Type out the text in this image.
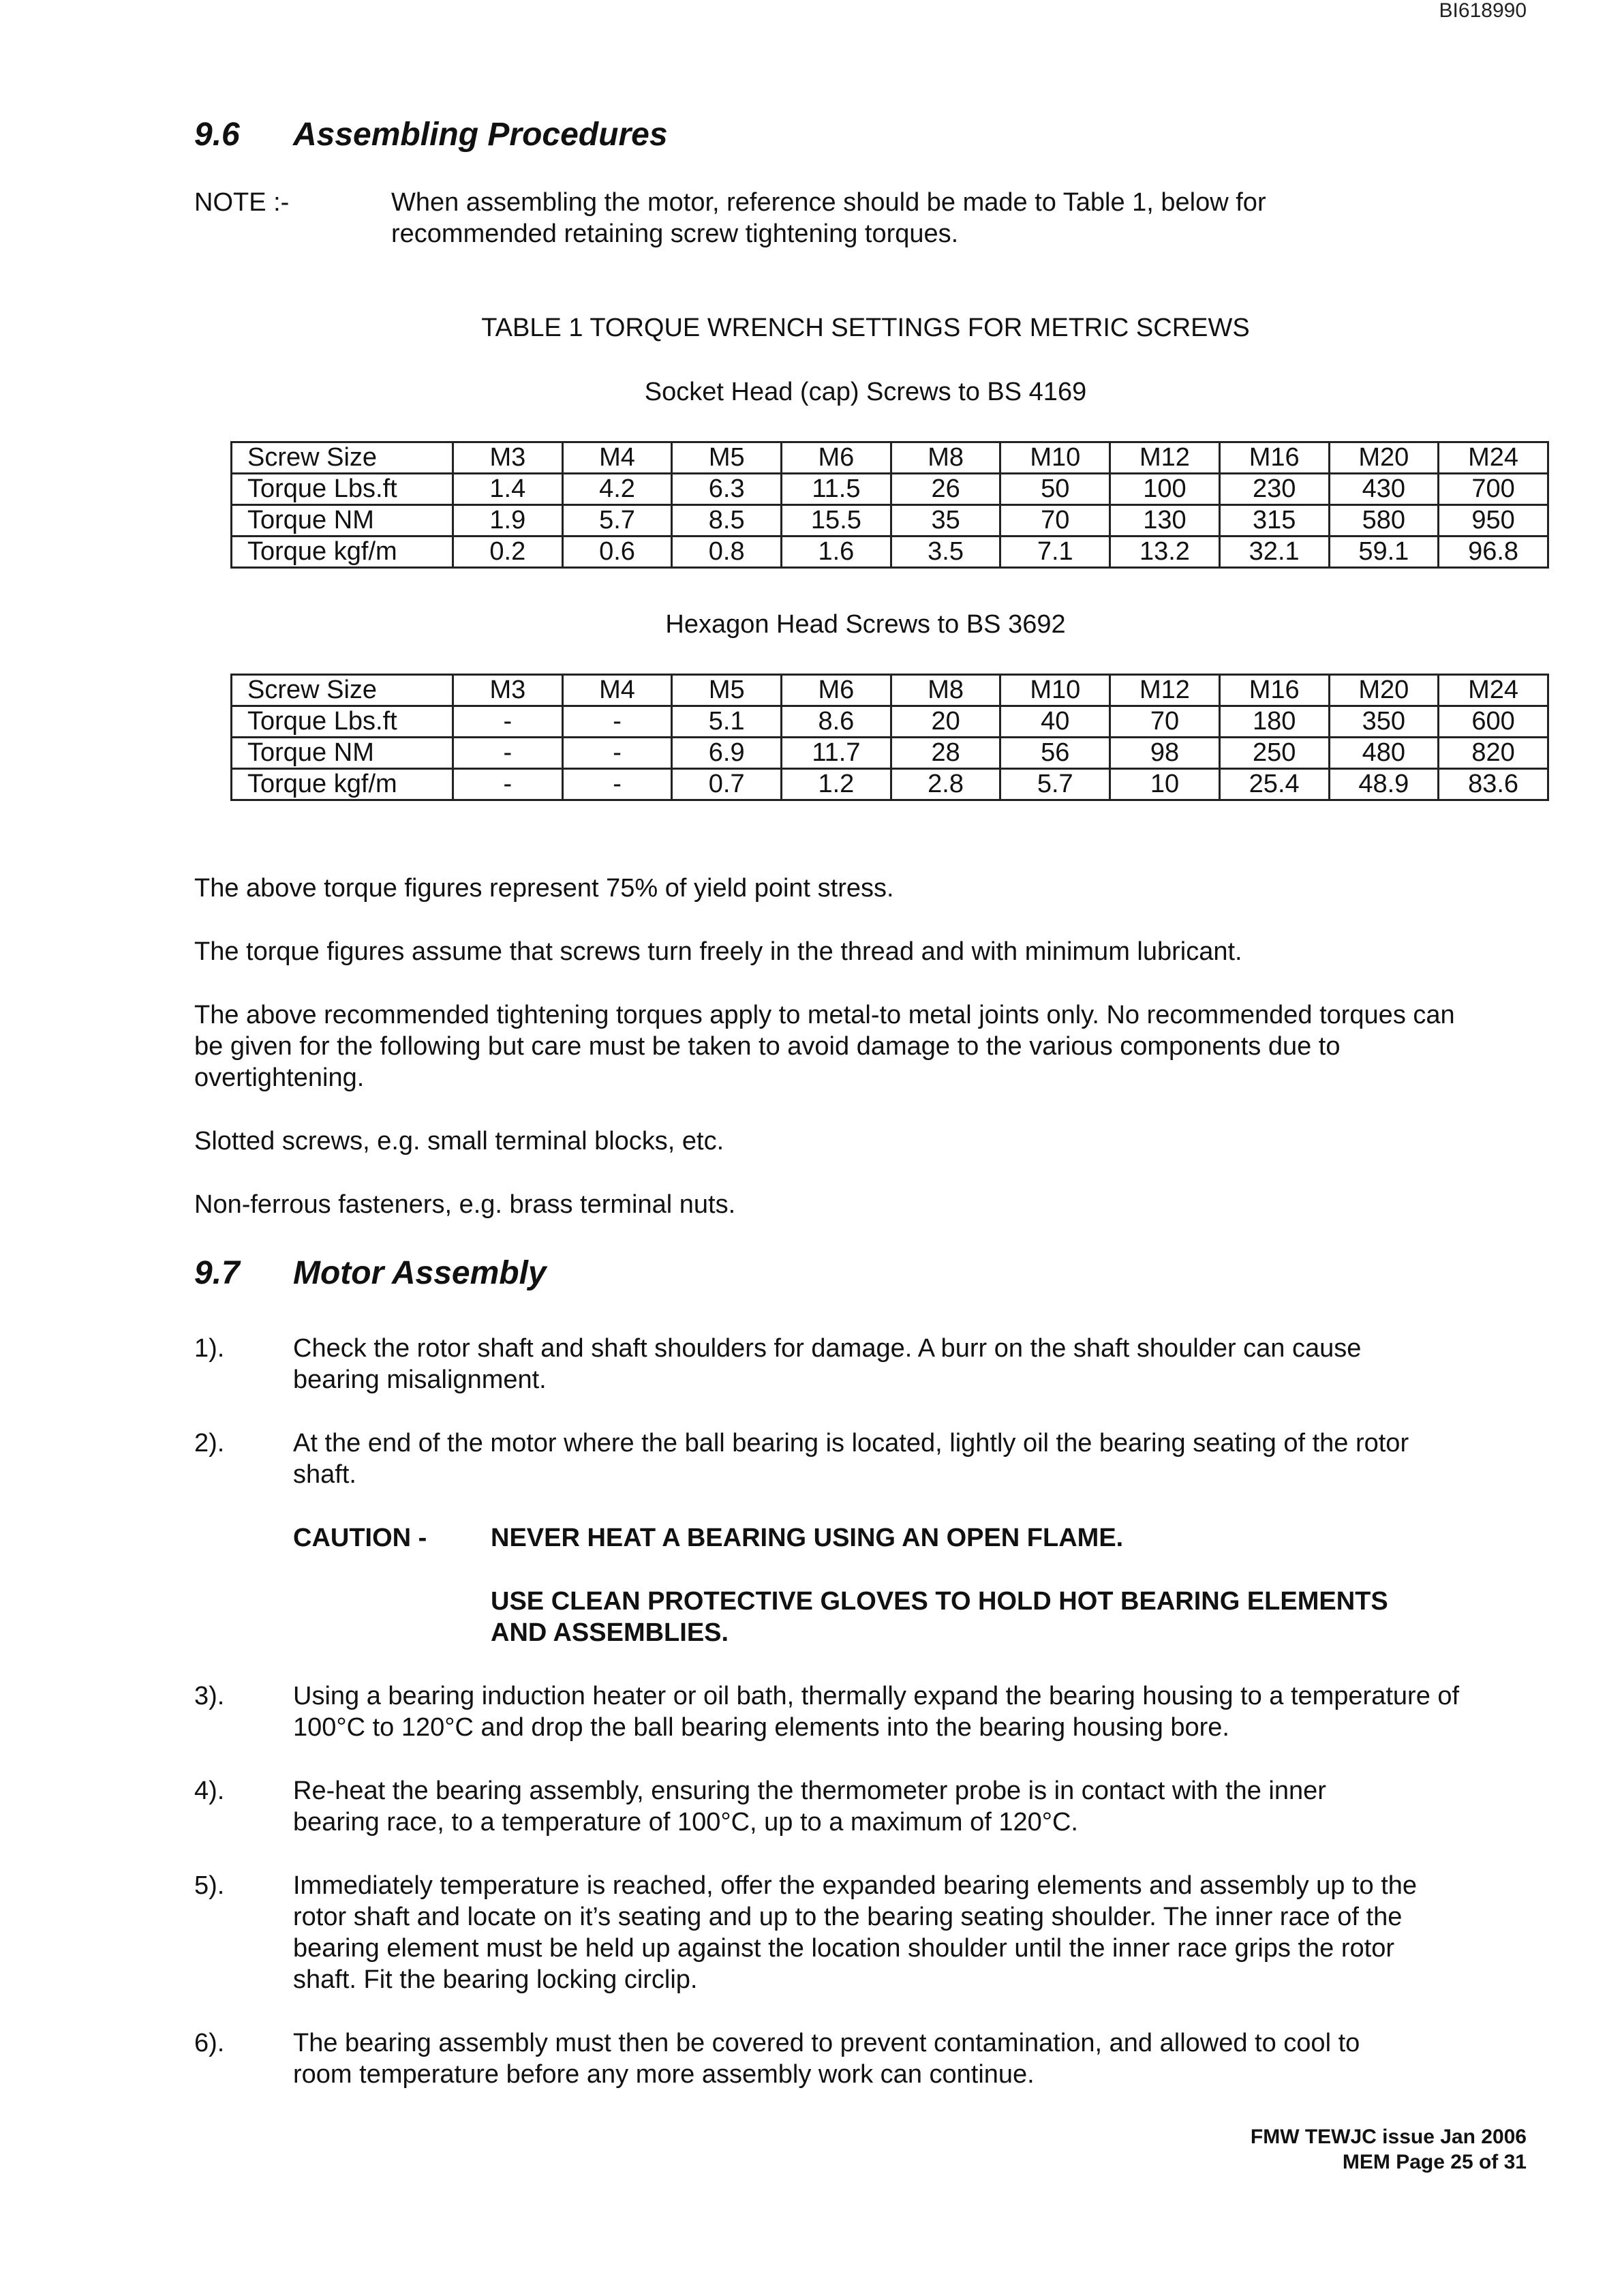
BI618990
9.6 Assembling Procedures
NOTE :-	When assembling the motor, reference should be made to Table 1, below for
recommended retaining screw tightening torques.
TABLE 1 TORQUE WRENCH SETTINGS FOR METRIC SCREWS
Socket Head (cap) Screws to BS 4169
Screw Size	M3	M4	M5	M6	M8	M10	M12	M16	M20	M24
Torque Lbs.ft	1.4	4.2	6.3	11.5	26	50	100	230	430	700
Torque NM	1.9	5.7	8.5	15.5	35	70	130	315	580	950
Torque kgf/m	0.2	0.6	0.8	1.6	3.5	7.1	13.2	32.1	59.1	96.8
Hexagon Head Screws to BS 3692
Screw Size	M3	M4	M5	M6	M8	M10	M12	M16	M20	M24
Torque Lbs.ft	-	-	5.1	8.6	20	40	70	180	350	600
Torque NM	-	-	6.9	11.7	28	56	98	250	480	820
Torque kgf/m	-	-	0.7	1.2	2.8	5.7	10	25.4	48.9	83.6
The above torque figures represent 75% of yield point stress.
The torque figures assume that screws turn freely in the thread and with minimum lubricant.
The above recommended tightening torques apply to metal-to metal joints only. No recommended torques can
be given for the following but care must be taken to avoid damage to the various components due to
overtightening.
Slotted screws, e.g. small terminal blocks, etc.
Non-ferrous fasteners, e.g. brass terminal nuts.
9.7 Motor Assembly
1).	Check the rotor shaft and shaft shoulders for damage. A burr on the shaft shoulder can cause
bearing misalignment.
2).	At the end of the motor where the ball bearing is located, lightly oil the bearing seating of the rotor
shaft.
CAUTION - NEVER HEAT A BEARING USING AN OPEN FLAME.
USE CLEAN PROTECTIVE GLOVES TO HOLD HOT BEARING ELEMENTS
AND ASSEMBLIES.
3).	Using a bearing induction heater or oil bath, thermally expand the bearing housing to a temperature of
100°C to 120°C and drop the ball bearing elements into the bearing housing bore.
4).	Re-heat the bearing assembly, ensuring the thermometer probe is in contact with the inner
bearing race, to a temperature of 100°C, up to a maximum of 120°C.
5).	Immediately temperature is reached, offer the expanded bearing elements and assembly up to the
rotor shaft and locate on it’s seating and up to the bearing seating shoulder. The inner race of the
bearing element must be held up against the location shoulder until the inner race grips the rotor
shaft. Fit the bearing locking circlip.
6).	The bearing assembly must then be covered to prevent contamination, and allowed to cool to
room temperature before any more assembly work can continue.
FMW TEWJC issue Jan 2006
MEM Page 25 of 31
